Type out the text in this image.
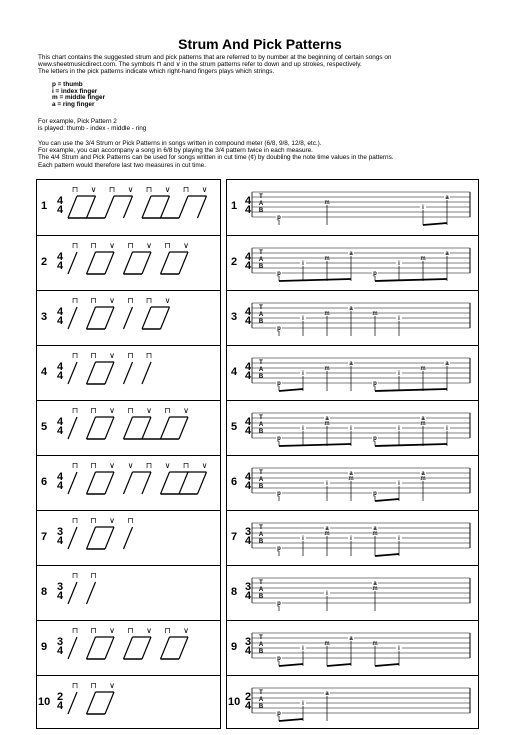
Strum And Pick Patterns
This chart contains the suggested strum and pick patterns that are referred to by number at the beginning of certain songs on
www.sheetmusicdirect.com. The symbols ⊓ and ∨ in the strum patterns refer to down and up strokes, respectively.
The letters in the pick patterns indicate which right-hand fingers plays which strings.
p = thumb
i = index finger
m = middle finger
a = ring finger
For example, Pick Pattern 2
is played: thumb - index - middle - ring
You can use the 3/4 Strum or Pick Patterns in songs written in compound meter (6/8, 9/8, 12/8, etc.).
For example, you can accompany a song in 6/8 by playing the 3/4 pattern twice in each measure.
The 4/4 Strum and Pick Patterns can be used for songs written in cut time (¢) by doubling the note time values in the patterns.
Each pattern would therefore last two measures in cut time.
1 4
4
⊓ ∨ ⊓ ∨ ⊓ ∨ ⊓ ∨
2 4
4
⊓ ⊓ ∨ ⊓ ∨ ⊓ ∨
3 4
4
⊓ ⊓ ∨ ⊓ ⊓ ∨
4 4
4
⊓ ⊓ ∨ ⊓ ⊓
5 4
4
⊓ ⊓ ∨ ⊓ ∨ ⊓ ∨
6 4
4
⊓ ⊓ ∨ ∨ ⊓ ∨ ⊓ ∨
7 3
4
⊓ ⊓ ∨ ⊓
8 3
4
⊓ ⊓
9 3
4
⊓ ⊓ ∨ ⊓ ∨ ⊓ ∨
10 2
4
⊓ ⊓ ∨
1 4
4
p
m
i
a
T
A
B
2 4
4
p
i
m
a
p
i
m
a
T
A
B
3 4
4
p
i
m
a
m
i
T
A
B
4 4
4
p
i
m
a
p
i
m
a
T
A
B
5 4
4
p
i
m
a
i
p
i
m
a
i
T
A
B
6 4
4
p
i
m
a
p
i
m
a
T
A
B
7 3
4
p
i
m
a
i
m
a
i
T
A
B
8 3
4
p
i
m
a
T
A
B
9 3
4
p
i
m
a
m
i
T
A
B
10 2
4
p
i
a
T
A
B
